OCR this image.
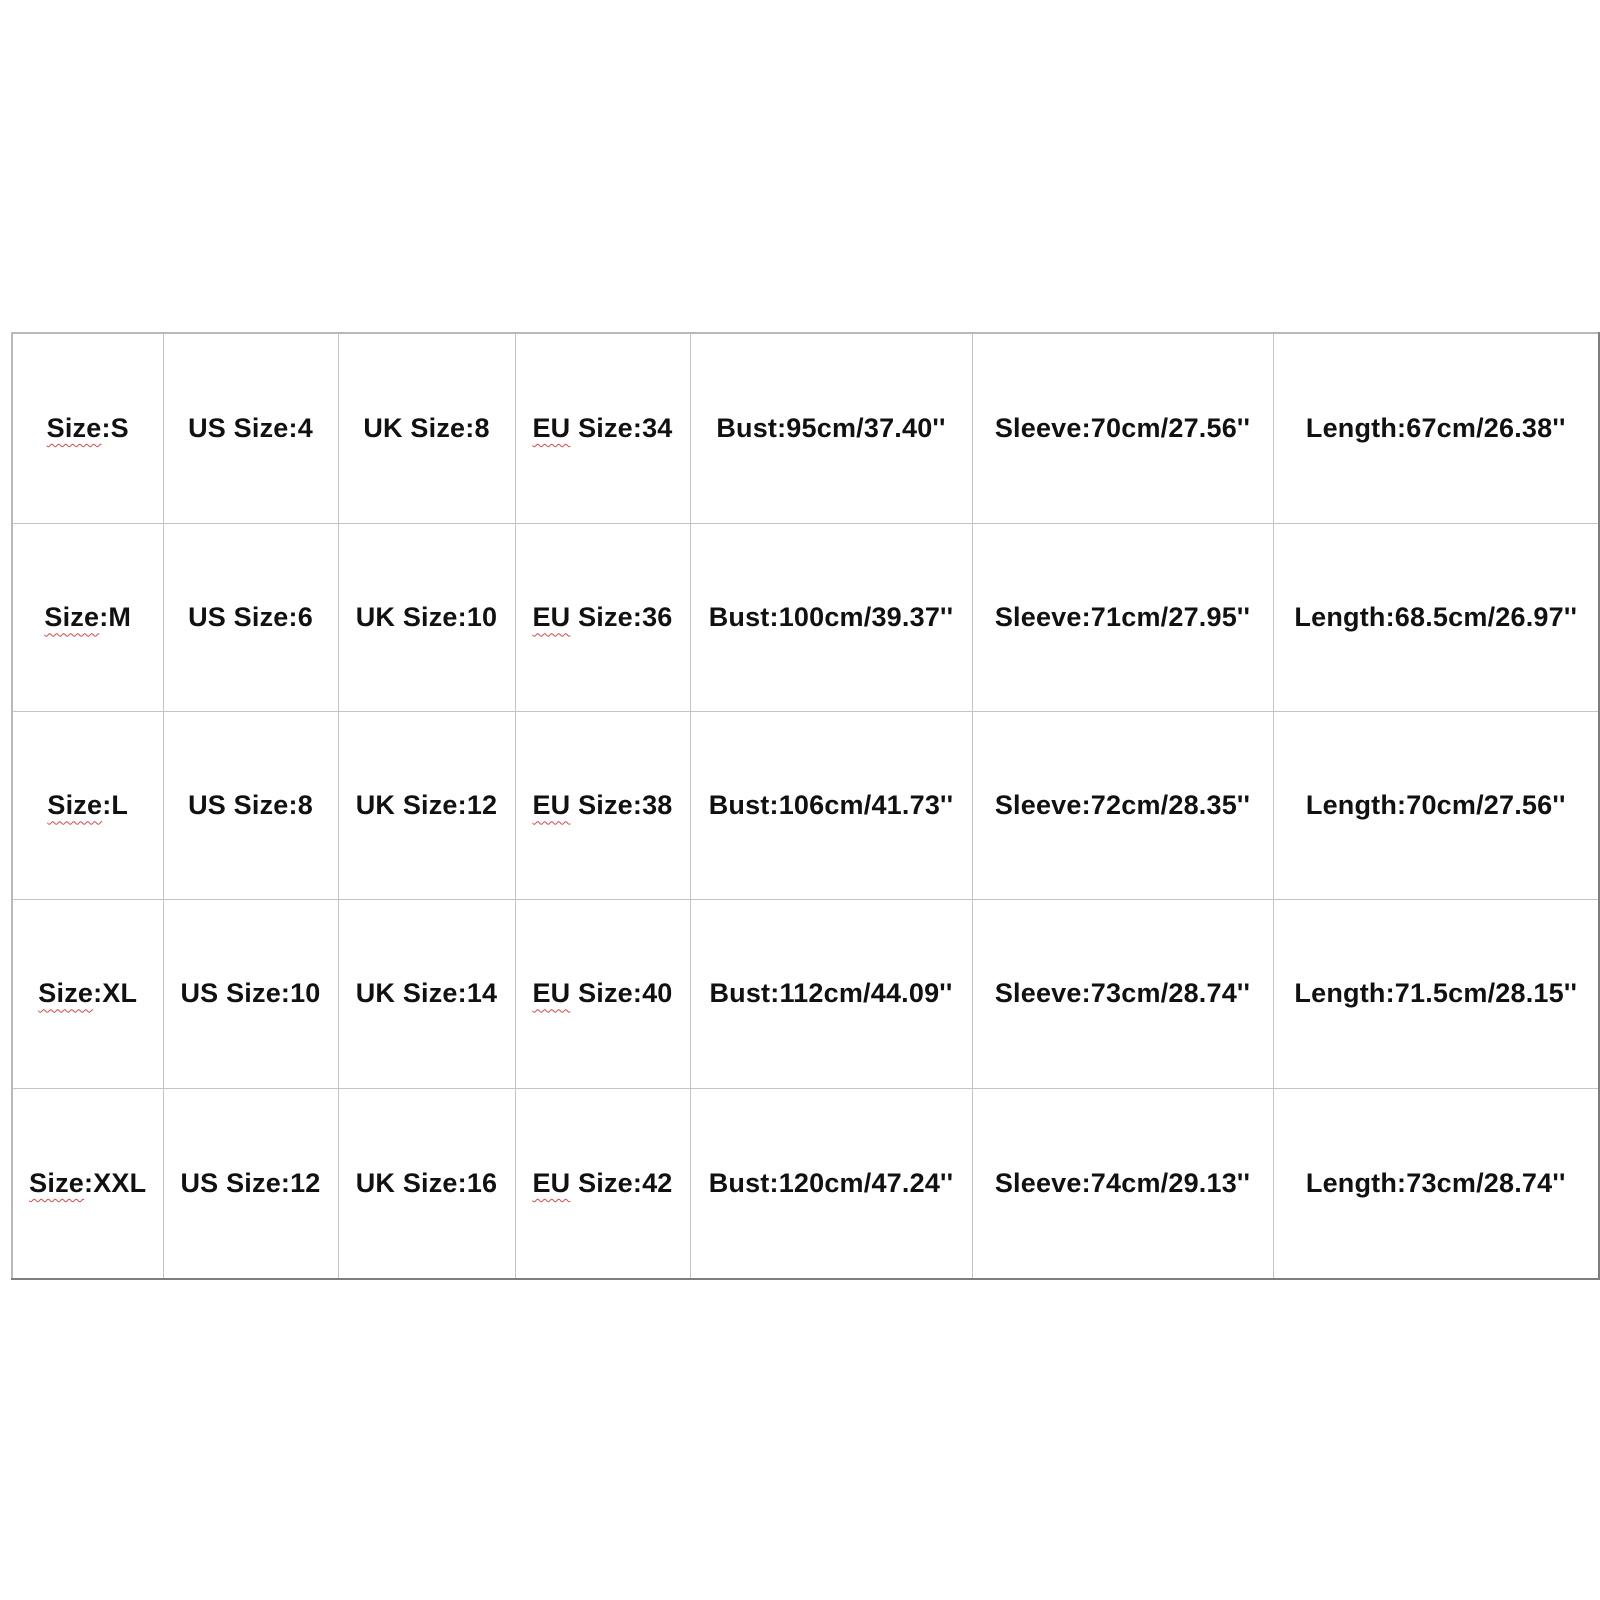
Size:S	US Size:4	UK Size:8	EU Size:34	Bust:95cm/37.40''	Sleeve:70cm/27.56''	Length:67cm/26.38''
Size:M	US Size:6	UK Size:10	EU Size:36	Bust:100cm/39.37''	Sleeve:71cm/27.95''	Length:68.5cm/26.97''
Size:L	US Size:8	UK Size:12	EU Size:38	Bust:106cm/41.73''	Sleeve:72cm/28.35''	Length:70cm/27.56''
Size:XL	US Size:10	UK Size:14	EU Size:40	Bust:112cm/44.09''	Sleeve:73cm/28.74''	Length:71.5cm/28.15''
Size:XXL	US Size:12	UK Size:16	EU Size:42	Bust:120cm/47.24''	Sleeve:74cm/29.13''	Length:73cm/28.74''
